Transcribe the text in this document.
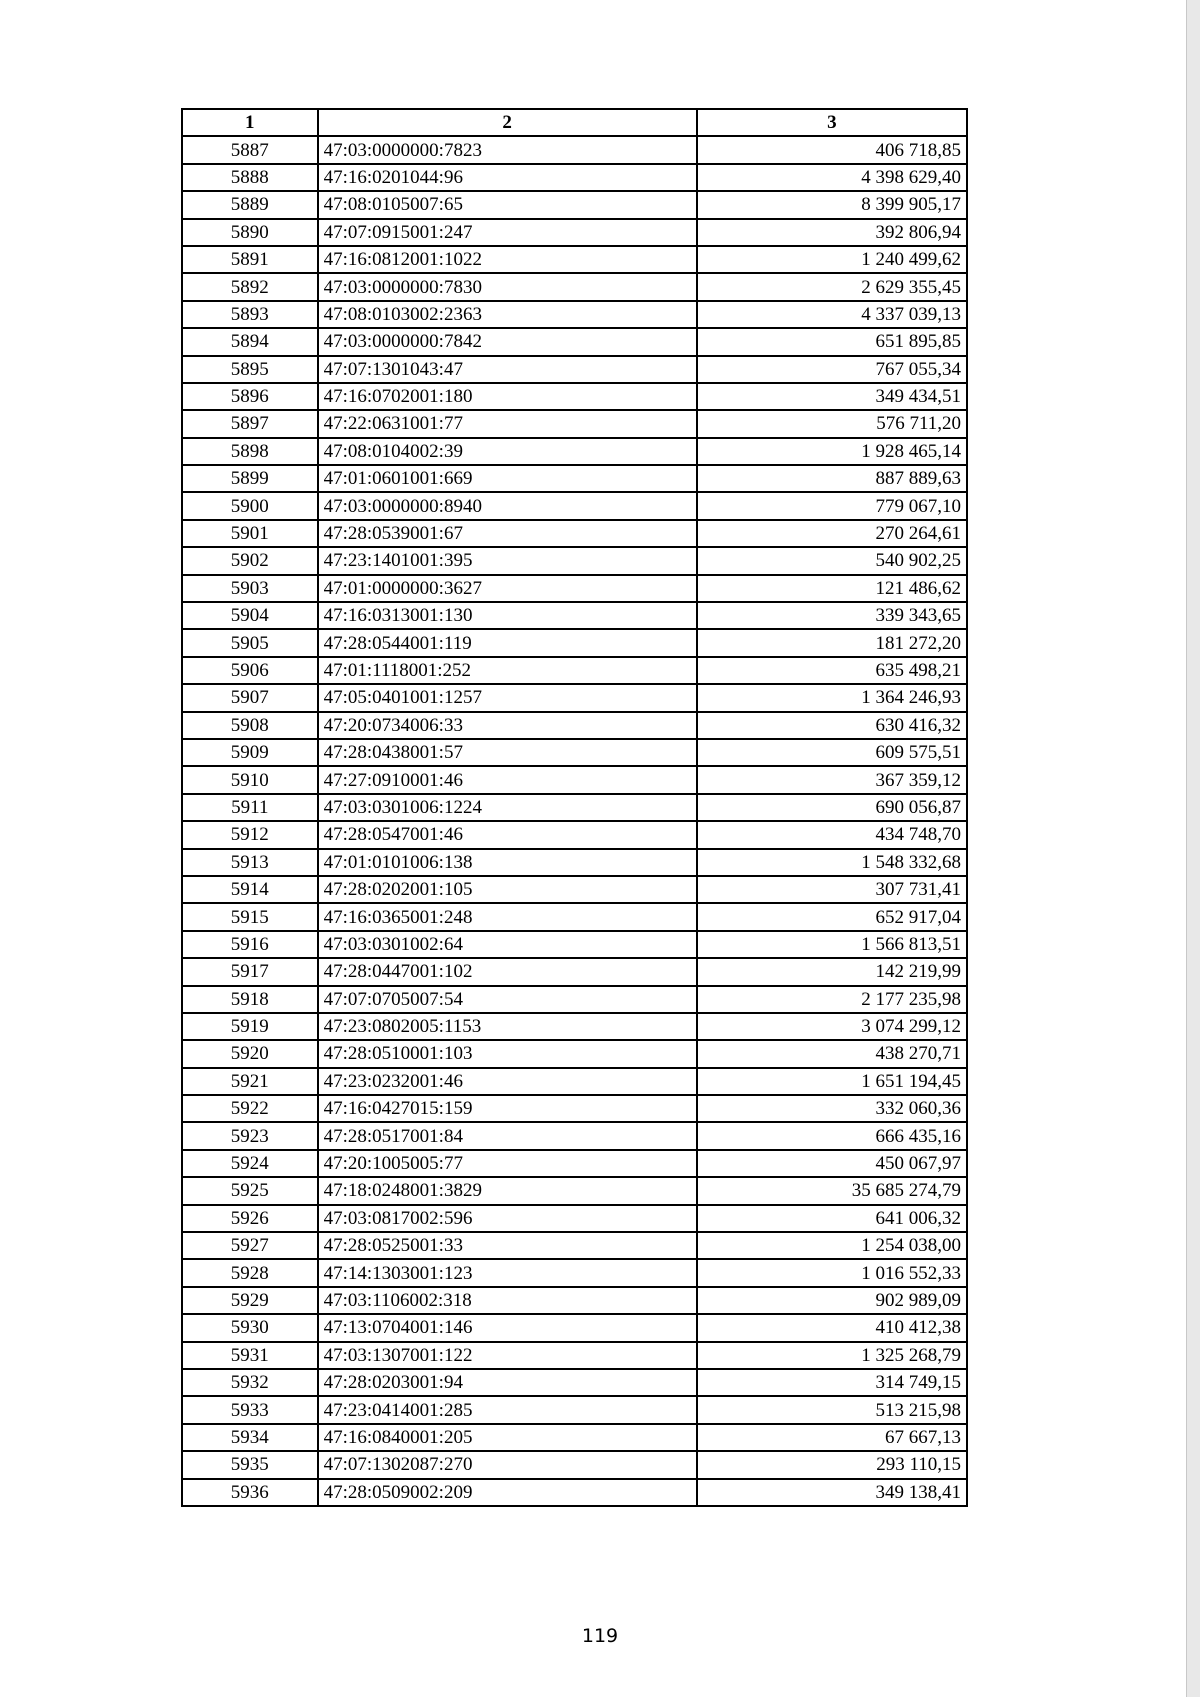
1	2	3
5887	47:03:0000000:7823	406 718,85
5888	47:16:0201044:96	4 398 629,40
5889	47:08:0105007:65	8 399 905,17
5890	47:07:0915001:247	392 806,94
5891	47:16:0812001:1022	1 240 499,62
5892	47:03:0000000:7830	2 629 355,45
5893	47:08:0103002:2363	4 337 039,13
5894	47:03:0000000:7842	651 895,85
5895	47:07:1301043:47	767 055,34
5896	47:16:0702001:180	349 434,51
5897	47:22:0631001:77	576 711,20
5898	47:08:0104002:39	1 928 465,14
5899	47:01:0601001:669	887 889,63
5900	47:03:0000000:8940	779 067,10
5901	47:28:0539001:67	270 264,61
5902	47:23:1401001:395	540 902,25
5903	47:01:0000000:3627	121 486,62
5904	47:16:0313001:130	339 343,65
5905	47:28:0544001:119	181 272,20
5906	47:01:1118001:252	635 498,21
5907	47:05:0401001:1257	1 364 246,93
5908	47:20:0734006:33	630 416,32
5909	47:28:0438001:57	609 575,51
5910	47:27:0910001:46	367 359,12
5911	47:03:0301006:1224	690 056,87
5912	47:28:0547001:46	434 748,70
5913	47:01:0101006:138	1 548 332,68
5914	47:28:0202001:105	307 731,41
5915	47:16:0365001:248	652 917,04
5916	47:03:0301002:64	1 566 813,51
5917	47:28:0447001:102	142 219,99
5918	47:07:0705007:54	2 177 235,98
5919	47:23:0802005:1153	3 074 299,12
5920	47:28:0510001:103	438 270,71
5921	47:23:0232001:46	1 651 194,45
5922	47:16:0427015:159	332 060,36
5923	47:28:0517001:84	666 435,16
5924	47:20:1005005:77	450 067,97
5925	47:18:0248001:3829	35 685 274,79
5926	47:03:0817002:596	641 006,32
5927	47:28:0525001:33	1 254 038,00
5928	47:14:1303001:123	1 016 552,33
5929	47:03:1106002:318	902 989,09
5930	47:13:0704001:146	410 412,38
5931	47:03:1307001:122	1 325 268,79
5932	47:28:0203001:94	314 749,15
5933	47:23:0414001:285	513 215,98
5934	47:16:0840001:205	67 667,13
5935	47:07:1302087:270	293 110,15
5936	47:28:0509002:209	349 138,41
119
